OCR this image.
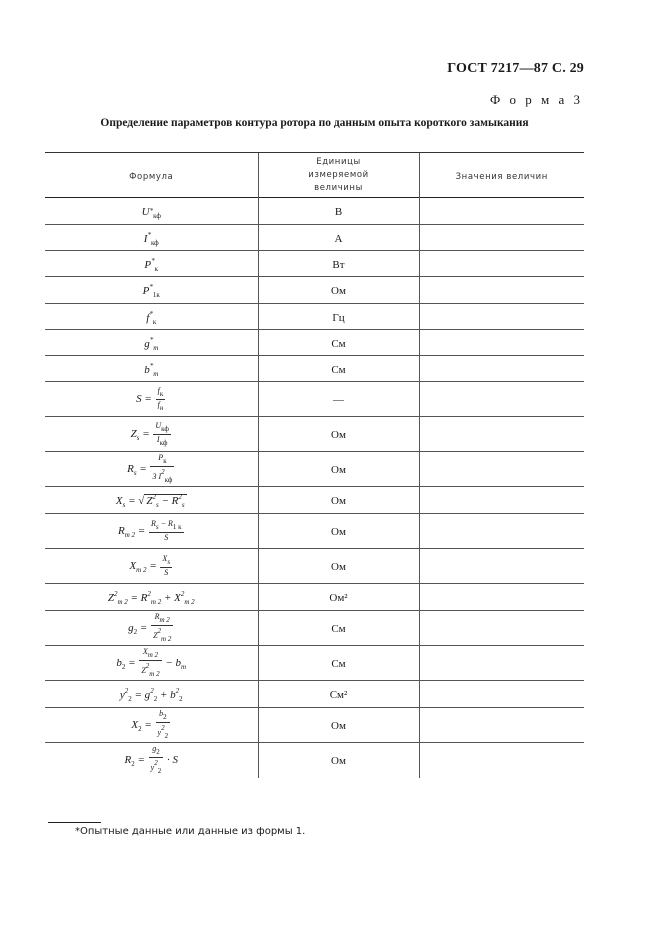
ГОСТ 7217—87 С. 29
Ф о р м а 3
Определение параметров контура ротора по данным опыта короткого замыкания
Формула	Единицы измеряемой величины	Значения величин
$U_{*кф}$	В	
$I^*_{кф}$	А	
$P^*_к$	Вт	
$P^*_{1к}$	Ом	
$f^*_к$	Гц	
$g^*_m$	См	
$b^*_m$	См	
$S = \frac{fк}{fн}$	—	
$Z_s = \frac{\text{Uкф}}{\text{Iкф}}$	Ом	
$R_s = \frac{Pк}{3 I2кф}$	Ом	
$X_s$ = √ $Z^2_s - R^2_s$	Ом	
$R_{m 2} = \frac{Rs - R1 к}{S}$	Ом	
$X_{m 2} = \frac{Xs}{S}$	Ом	
$Z^2_{m 2} = R^2_{m 2} + X^2_{m 2}$	Ом²	
$g_2 = \frac{Rm 2}{Z2m 2}$	См	
$b_2 = \frac{Xm 2}{Z2m 2} - b_m$	См	
$y^2_2 = g^2_2 + b^2_2$	См²	
$X_2 = \frac{b2}{y22}$	Ом	
$R_2 = \frac{g2}{y22} \cdot S$	Ом	
*Опытные данные или данные из формы 1.
